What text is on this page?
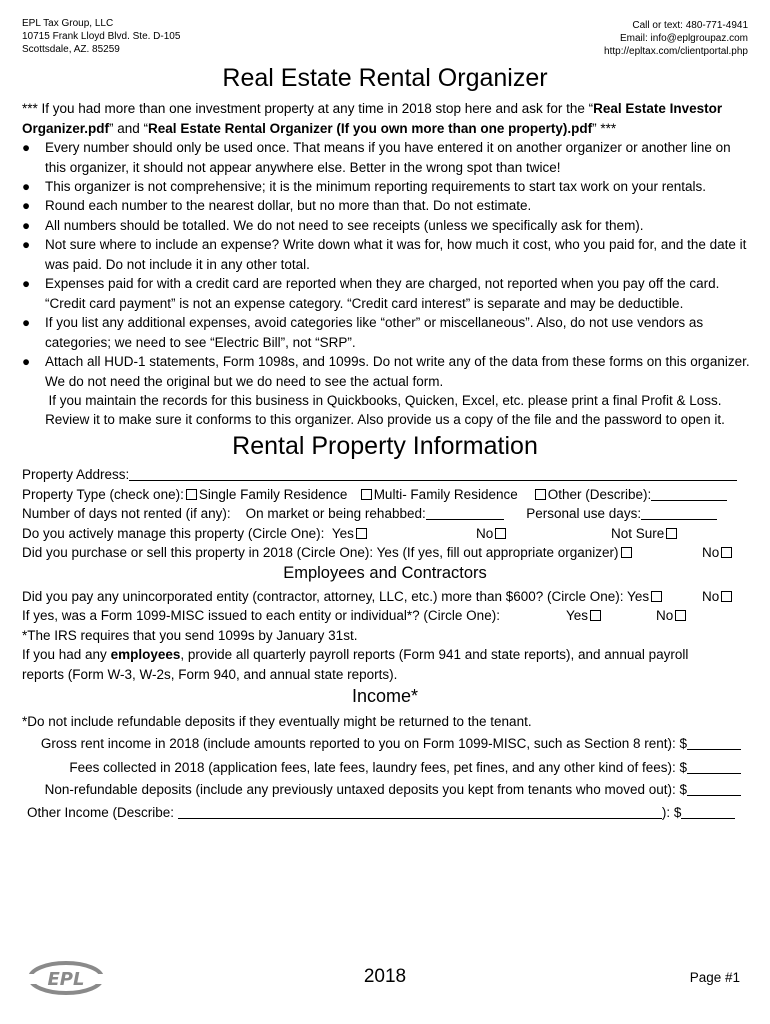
EPL Tax Group, LLC
10715 Frank Lloyd Blvd. Ste. D-105
Scottsdale, AZ. 85259
Call or text: 480-771-4941
Email: info@eplgroupaz.com
http://epltax.com/clientportal.php
Real Estate Rental Organizer
*** If you had more than one investment property at any time in 2018 stop here and ask for the “Real Estate Investor
Organizer.pdf” and “Real Estate Rental Organizer (If you own more than one property).pdf” ***
● Every number should only be used once. That means if you have entered it on another organizer or another line on this organizer, it should not appear anywhere else. Better in the wrong spot than twice!
● This organizer is not comprehensive; it is the minimum reporting requirements to start tax work on your rentals.
● Round each number to the nearest dollar, but no more than that. Do not estimate.
● All numbers should be totalled. We do not need to see receipts (unless we specifically ask for them).
● Not sure where to include an expense? Write down what it was for, how much it cost, who you paid for, and the date it was paid. Do not include it in any other total.
● Expenses paid for with a credit card are reported when they are charged, not reported when you pay off the card. “Credit card payment” is not an expense category. “Credit card interest” is separate and may be deductible.
● If you list any additional expenses, avoid categories like “other” or miscellaneous”. Also, do not use vendors as categories; we need to see “Electric Bill”, not “SRP”.
● Attach all HUD-1 statements, Form 1098s, and 1099s. Do not write any of the data from these forms on this organizer. We do not need the original but we do need to see the actual form.
If you maintain the records for this business in Quickbooks, Quicken, Excel, etc. please print a final Profit & Loss.
Review it to make sure it conforms to this organizer. Also provide us a copy of the file and the password to open it.
Rental Property Information
Property Address:
Property Type (check one): Single Family Residence Multi- Family Residence Other (Describe):
Number of days not rented (if any): On market or being rehabbed:	Personal use days:
Do you actively manage this property (Circle One): Yes	No	Not Sure
Did you purchase or sell this property in 2018 (Circle One): Yes (If yes, fill out appropriate organizer)	No
Employees and Contractors
Did you pay any unincorporated entity (contractor, attorney, LLC, etc.) more than $600? (Circle One): Yes	No
If yes, was a Form 1099-MISC issued to each entity or individual*? (Circle One):	Yes	No
*The IRS requires that you send 1099s by January 31st.
If you had any employees, provide all quarterly payroll reports (Form 941 and state reports), and annual payroll
reports (Form W-3, W-2s, Form 940, and annual state reports).
Income*
*Do not include refundable deposits if they eventually might be returned to the tenant.
Gross rent income in 2018 (include amounts reported to you on Form 1099-MISC, such as Section 8 rent): $
Fees collected in 2018 (application fees, late fees, laundry fees, pet fines, and any other kind of fees): $
Non-refundable deposits (include any previously untaxed deposits you kept from tenants who moved out): $
Other Income (Describe:	): $
EPL	2018	Page #1
